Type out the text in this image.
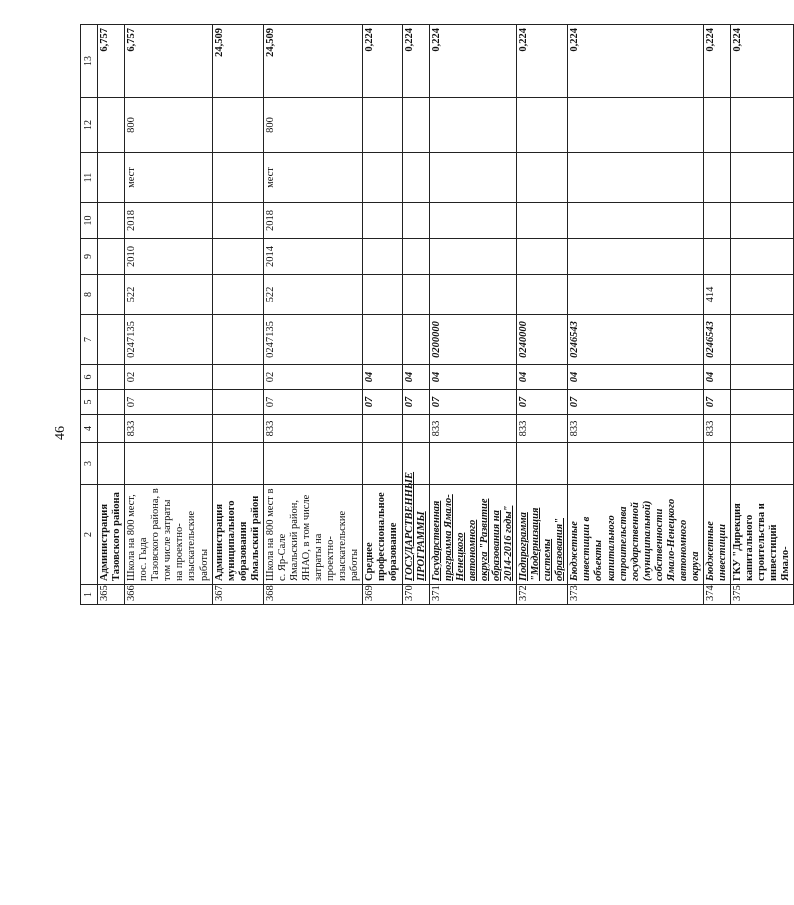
46
1	2	3	4	5	6	7	8	9	10	11	12	13
365	Администрация Тазовского района											6,757
366	Школа на 800 мест, пос. Гыда Тазовского района, в том числе затраты на проектно-изыскательские работы		833	07	02	0247135	522	2010	2018	мест	800	6,757
367	Администрация муниципального образования Ямальский район											24,509
368	Школа на 800 мест в с. Яр-Сале Ямальский район, ЯНАО, в том числе затраты на проектно-изыскательские работы		833	07	02	0247135	522	2014	2018	мест	800	24,509
369	Среднее профессиональное образование			07	04							0,224
370	ГОСУДАРСТВЕННЫЕ ПРОГРАММЫ			07	04							0,224
371	Государственная программа Ямало-Ненецкого автономного округа "Развитие образования на 2014-2016 годы"		833	07	04	0200000						0,224
372	Подпрограмма "Модернизация системы образования"		833	07	04	0240000						0,224
373	Бюджетные инвестиции в объекты капитального строительства государственной (муниципальной) собственности Ямало-Ненецкого автономного округа		833	07	04	0246543						0,224
374	Бюджетные инвестиции		833	07	04	0246543	414					0,224
375	ГКУ "Дирекция капитального строительства и инвестиций Ямало-											0,224
